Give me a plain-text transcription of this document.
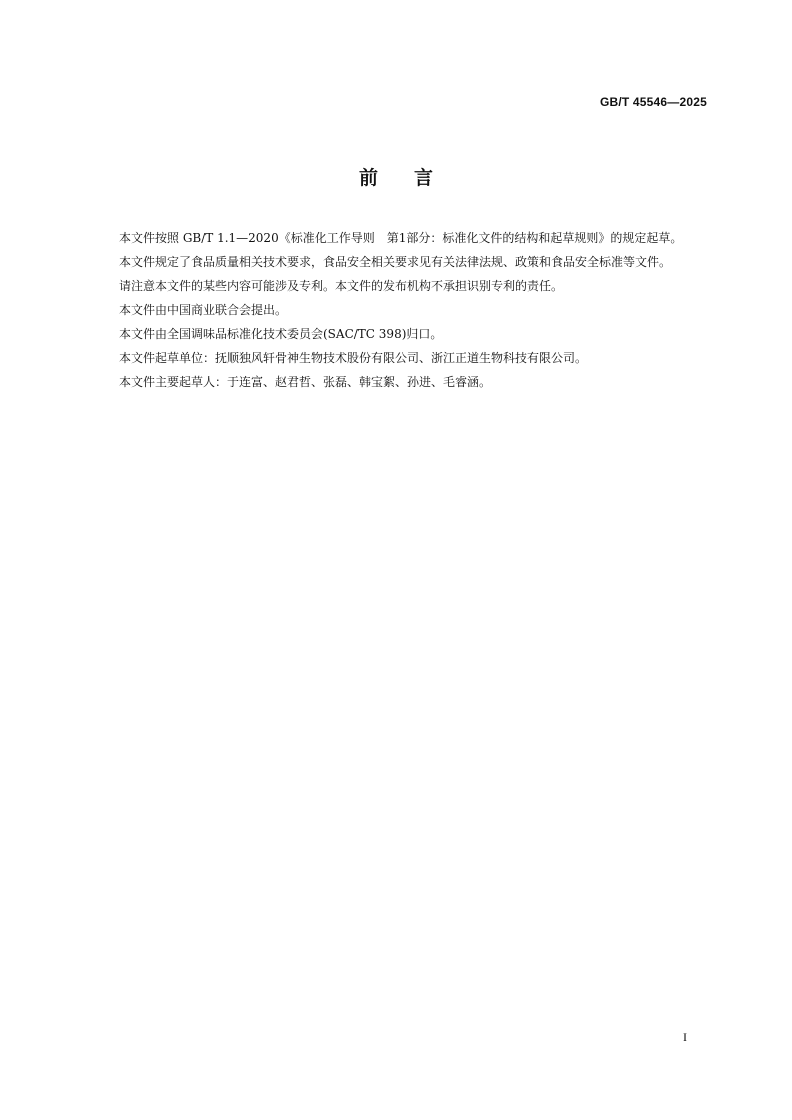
GB/T 45546—2025
前 言

本文件按照 GB/T 1.1—2020《标准化工作导则　第1部分：标准化文件的结构和起草规则》的规定起草。

本文件规定了食品质量相关技术要求，食品安全相关要求见有关法律法规、政策和食品安全标准等文件。

请注意本文件的某些内容可能涉及专利。本文件的发布机构不承担识别专利的责任。

本文件由中国商业联合会提出。

本文件由全国调味品标准化技术委员会(SAC/TC 398)归口。

本文件起草单位：抚顺独风轩骨神生物技术股份有限公司、浙江正道生物科技有限公司。

本文件主要起草人：于连富、赵君哲、张磊、韩宝絮、孙进、毛睿涵。

I
